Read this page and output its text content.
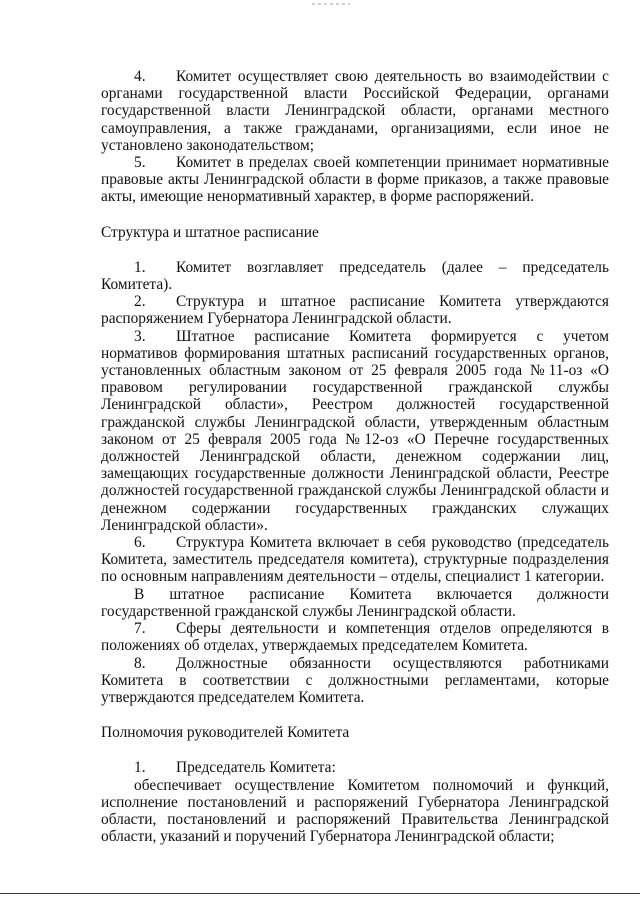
4. Комитет осуществляет свою деятельность во взаимодействии с органами государственной власти Российской Федерации, органами государственной власти Ленинградской области, органами местного самоуправления, а также гражданами, организациями, если иное не установлено законодательством;

5. Комитет в пределах своей компетенции принимает нормативные правовые акты Ленинградской области в форме приказов, а также правовые акты, имеющие ненормативный характер, в форме распоряжений.

Структура и штатное расписание

1. Комитет возглавляет председатель (далее – председатель Комитета).

2. Структура и штатное расписание Комитета утверждаются распоряжением Губернатора Ленинградской области.

3. Штатное расписание Комитета формируется с учетом нормативов формирования штатных расписаний государственных органов, установленных областным законом от 25 февраля 2005 года №11-оз «О правовом регулировании государственной гражданской службы Ленинградской области», Реестром должностей государственной гражданской службы Ленинградской области, утвержденным областным законом от 25 февраля 2005 года №12-оз «О Перечне государственных должностей Ленинградской области, денежном содержании лиц, замещающих государственные должности Ленинградской области, Реестре должностей государственной гражданской службы Ленинградской области и денежном содержании государственных гражданских служащих Ленинградской области».

6. Структура Комитета включает в себя руководство (председатель Комитета, заместитель председателя комитета), структурные подразделения по основным направлениям деятельности – отделы, специалист 1 категории.

В штатное расписание Комитета включается должности государственной гражданской службы Ленинградской области.

7. Сферы деятельности и компетенция отделов определяются в положениях об отделах, утверждаемых председателем Комитета.

8. Должностные обязанности осуществляются работниками Комитета в соответствии с должностными регламентами, которые утверждаются председателем Комитета.

Полномочия руководителей Комитета

1. Председатель Комитета:

обеспечивает осуществление Комитетом полномочий и функций, исполнение постановлений и распоряжений Губернатора Ленинградской области, постановлений и распоряжений Правительства Ленинградской области, указаний и поручений Губернатора Ленинградской области;
